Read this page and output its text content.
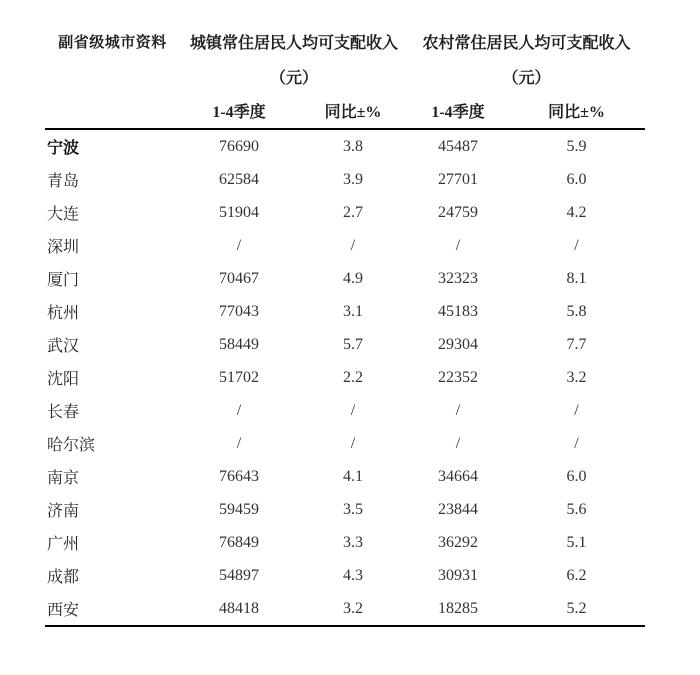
副省级城市资料	城镇常住居民人均可支配收入		农村常住居民人均可支配收入	
	（元）		（元）	
	1-4季度	同比±%	1-4季度	同比±%
宁波	76690	3.8	45487	5.9
青岛	62584	3.9	27701	6.0
大连	51904	2.7	24759	4.2
深圳	/	/	/	/
厦门	70467	4.9	32323	8.1
杭州	77043	3.1	45183	5.8
武汉	58449	5.7	29304	7.7
沈阳	51702	2.2	22352	3.2
长春	/	/	/	/
哈尔滨	/	/	/	/
南京	76643	4.1	34664	6.0
济南	59459	3.5	23844	5.6
广州	76849	3.3	36292	5.1
成都	54897	4.3	30931	6.2
西安	48418	3.2	18285	5.2
